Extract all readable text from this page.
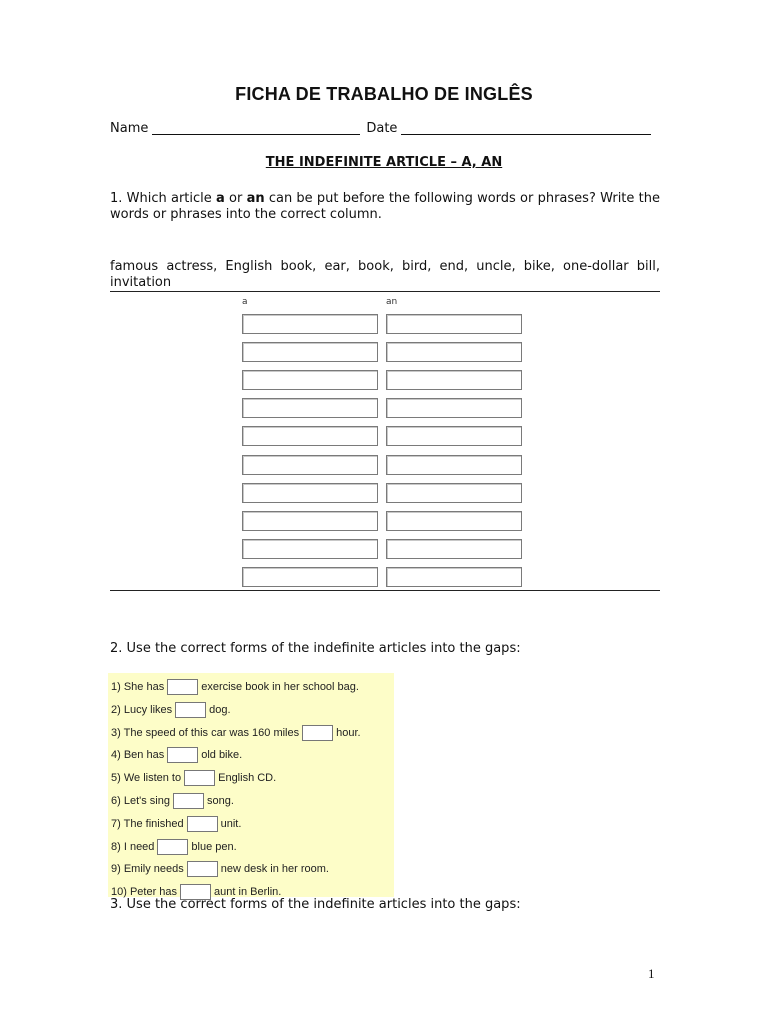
FICHA DE TRABALHO DE INGLÊS
Name	Date
THE INDEFINITE ARTICLE – A, AN
1. Which article a or an can be put before the following words or phrases? Write the words or phrases into the correct column.
famous actress, English book, ear, book, bird, end, uncle, bike, one-dollar bill, invitation
a	an
2. Use the correct forms of the indefinite articles into the gaps:
1) She has	exercise book in her school bag.
2) Lucy likes	dog.
3) The speed of this car was 160 miles	hour.
4) Ben has	old bike.
5) We listen to	English CD.
6) Let's sing	song.
7) The finished	unit.
8) I need	blue pen.
9) Emily needs	new desk in her room.
10) Peter has	aunt in Berlin.
3. Use the correct forms of the indefinite articles into the gaps:
1
